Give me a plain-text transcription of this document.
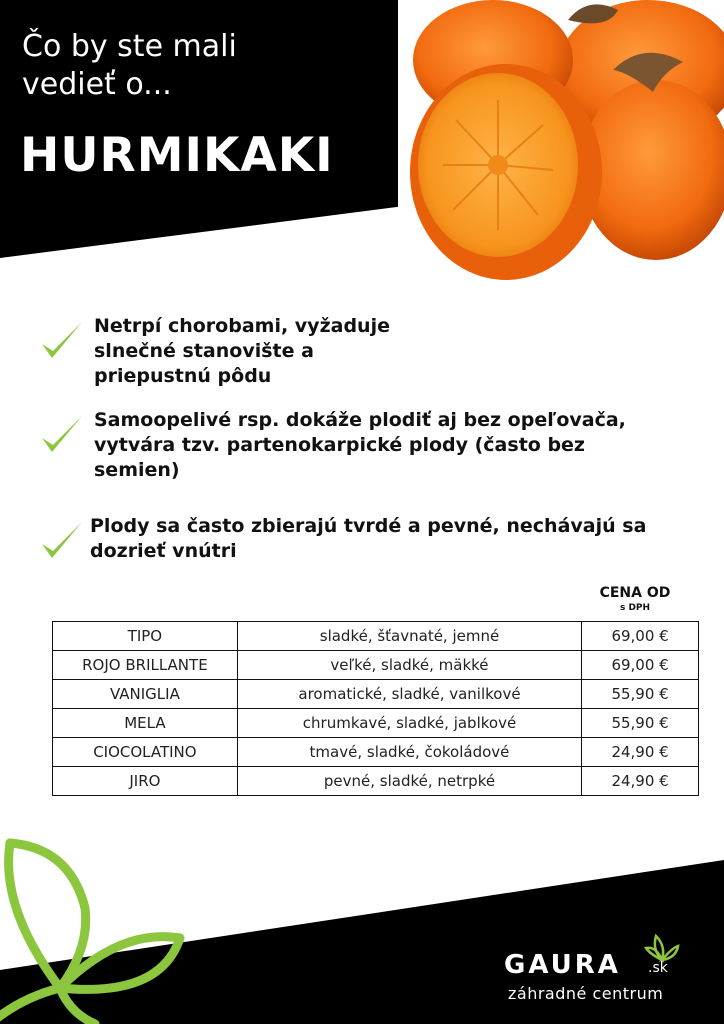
Čo by ste mali vedieť o...
HURMIKAKI
Netrpí chorobami, vyžaduje slnečné stanovište a priepustnú pôdu
Samoopelivé rsp. dokáže plodiť aj bez opeľovača, vytvára tzv. partenokarpické plody (často bez semien)
Plody sa často zbierajú tvrdé a pevné, nechávajú sa dozrieť vnútri
CENA OD
s DPH
TIPO	sladké, šťavnaté, jemné	69,00 €
ROJO BRILLANTE	veľké, sladké, mäkké	69,00 €
VANIGLIA	aromatické, sladké, vanilkové	55,90 €
MELA	chrumkavé, sladké, jablkové	55,90 €
CIOCOLATINO	tmavé, sladké, čokoládové	24,90 €
JIRO	pevné, sladké, netrpké	24,90 €
GAURA .sk
záhradné centrum
